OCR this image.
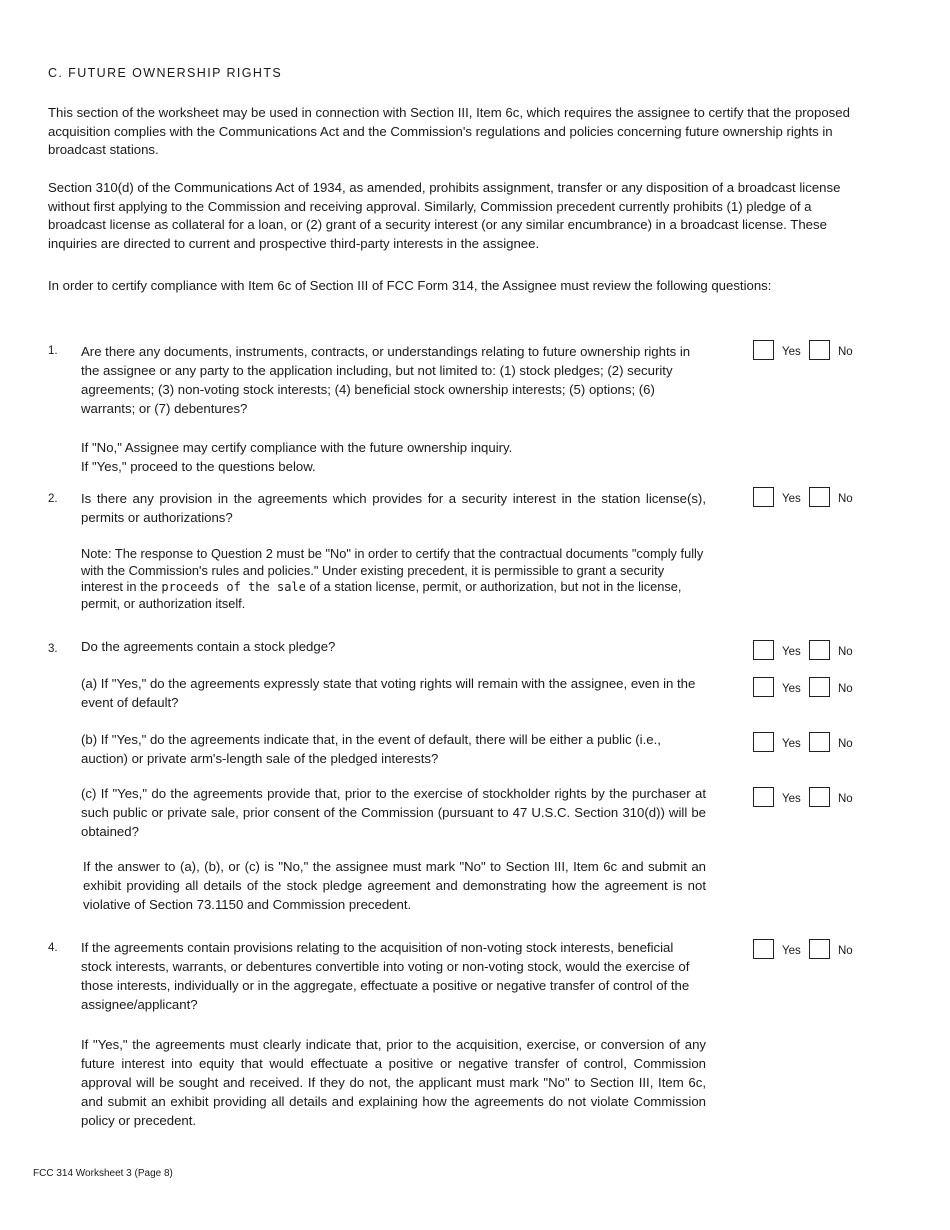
C. FUTURE OWNERSHIP RIGHTS
This section of the worksheet may be used in connection with Section III, Item 6c, which requires the assignee to certify that the proposed acquisition complies with the Communications Act and the Commission's regulations and policies concerning future ownership rights in broadcast stations.
Section 310(d) of the Communications Act of 1934, as amended, prohibits assignment, transfer or any disposition of a broadcast license without first applying to the Commission and receiving approval. Similarly, Commission precedent currently prohibits (1) pledge of a broadcast license as collateral for a loan, or (2) grant of a security interest (or any similar encumbrance) in a broadcast license. These inquiries are directed to current and prospective third-party interests in the assignee.
In order to certify compliance with Item 6c of Section III of FCC Form 314, the Assignee must review the following questions:
1. Are there any documents, instruments, contracts, or understandings relating to future ownership rights in the assignee or any party to the application including, but not limited to: (1) stock pledges; (2) security agreements; (3) non-voting stock interests; (4) beneficial stock ownership interests; (5) options; (6) warrants; or (7) debentures?
Yes	No
If "No," Assignee may certify compliance with the future ownership inquiry.
If "Yes," proceed to the questions below.
2. Is there any provision in the agreements which provides for a security interest in the station license(s), permits or authorizations?
Yes	No
Note: The response to Question 2 must be "No" in order to certify that the contractual documents "comply fully with the Commission's rules and policies." Under existing precedent, it is permissible to grant a security interest in the proceeds of the sale of a station license, permit, or authorization, but not in the license, permit, or authorization itself.
3. Do the agreements contain a stock pledge?	Yes	No
(a) If "Yes," do the agreements expressly state that voting rights will remain with the assignee, even in the event of default?
Yes	No
(b) If "Yes," do the agreements indicate that, in the event of default, there will be either a public (i.e., auction) or private arm's-length sale of the pledged interests?
Yes	No
(c) If "Yes," do the agreements provide that, prior to the exercise of stockholder rights by the purchaser at such public or private sale, prior consent of the Commission (pursuant to 47 U.S.C. Section 310(d)) will be obtained?
Yes	No
If the answer to (a), (b), or (c) is "No," the assignee must mark "No" to Section III, Item 6c and submit an exhibit providing all details of the stock pledge agreement and demonstrating how the agreement is not violative of Section 73.1150 and Commission precedent.
4. If the agreements contain provisions relating to the acquisition of non-voting stock interests, beneficial stock interests, warrants, or debentures convertible into voting or non-voting stock, would the exercise of those interests, individually or in the aggregate, effectuate a positive or negative transfer of control of the assignee/applicant?
Yes	No
If "Yes," the agreements must clearly indicate that, prior to the acquisition, exercise, or conversion of any future interest into equity that would effectuate a positive or negative transfer of control, Commission approval will be sought and received. If they do not, the applicant must mark "No" to Section III, Item 6c, and submit an exhibit providing all details and explaining how the agreements do not violate Commission policy or precedent.
FCC 314 Worksheet 3 (Page 8)
